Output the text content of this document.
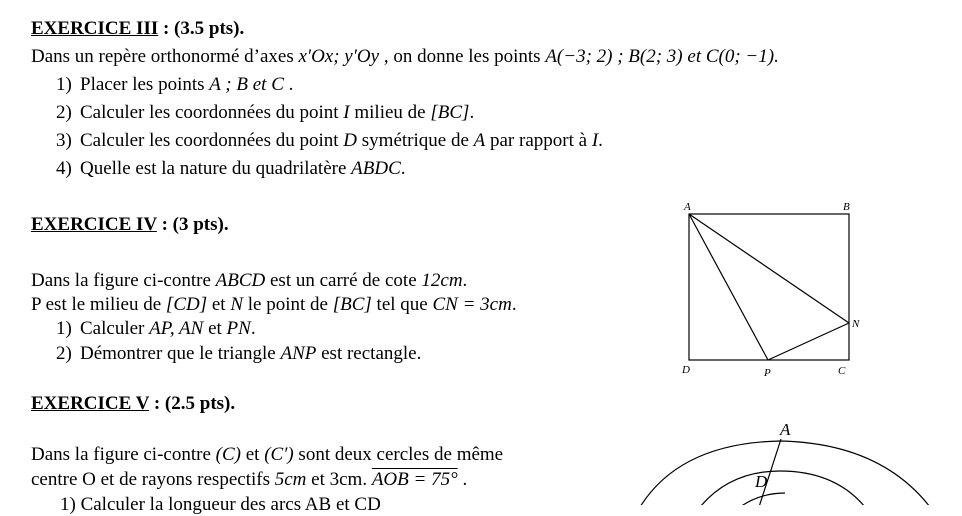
EXERCICE III : (3.5 pts).
Dans un repère orthonormé d’axes x′Ox; y′Oy , on donne les points A(−3; 2) ; B(2; 3) et C(0; −1).
1) Placer les points A ; B et C .
2) Calculer les coordonnées du point I milieu de [BC].
3) Calculer les coordonnées du point D symétrique de A par rapport à I.
4) Quelle est la nature du quadrilatère ABDC.
EXERCICE IV : (3 pts).
Dans la figure ci-contre ABCD est un carré de cote 12cm.
P est le milieu de [CD] et N le point de [BC] tel que CN = 3cm.
1) Calculer AP, AN et PN.
2) Démontrer que le triangle ANP est rectangle.
A	B
C
D
N
P
EXERCICE V : (2.5 pts).
Dans la figure ci-contre (C) et (C′) sont deux cercles de même
centre O et de rayons respectifs 5cm et 3cm. AOB = 75° .
1) Calculer la longueur des arcs AB et CD
A
D
